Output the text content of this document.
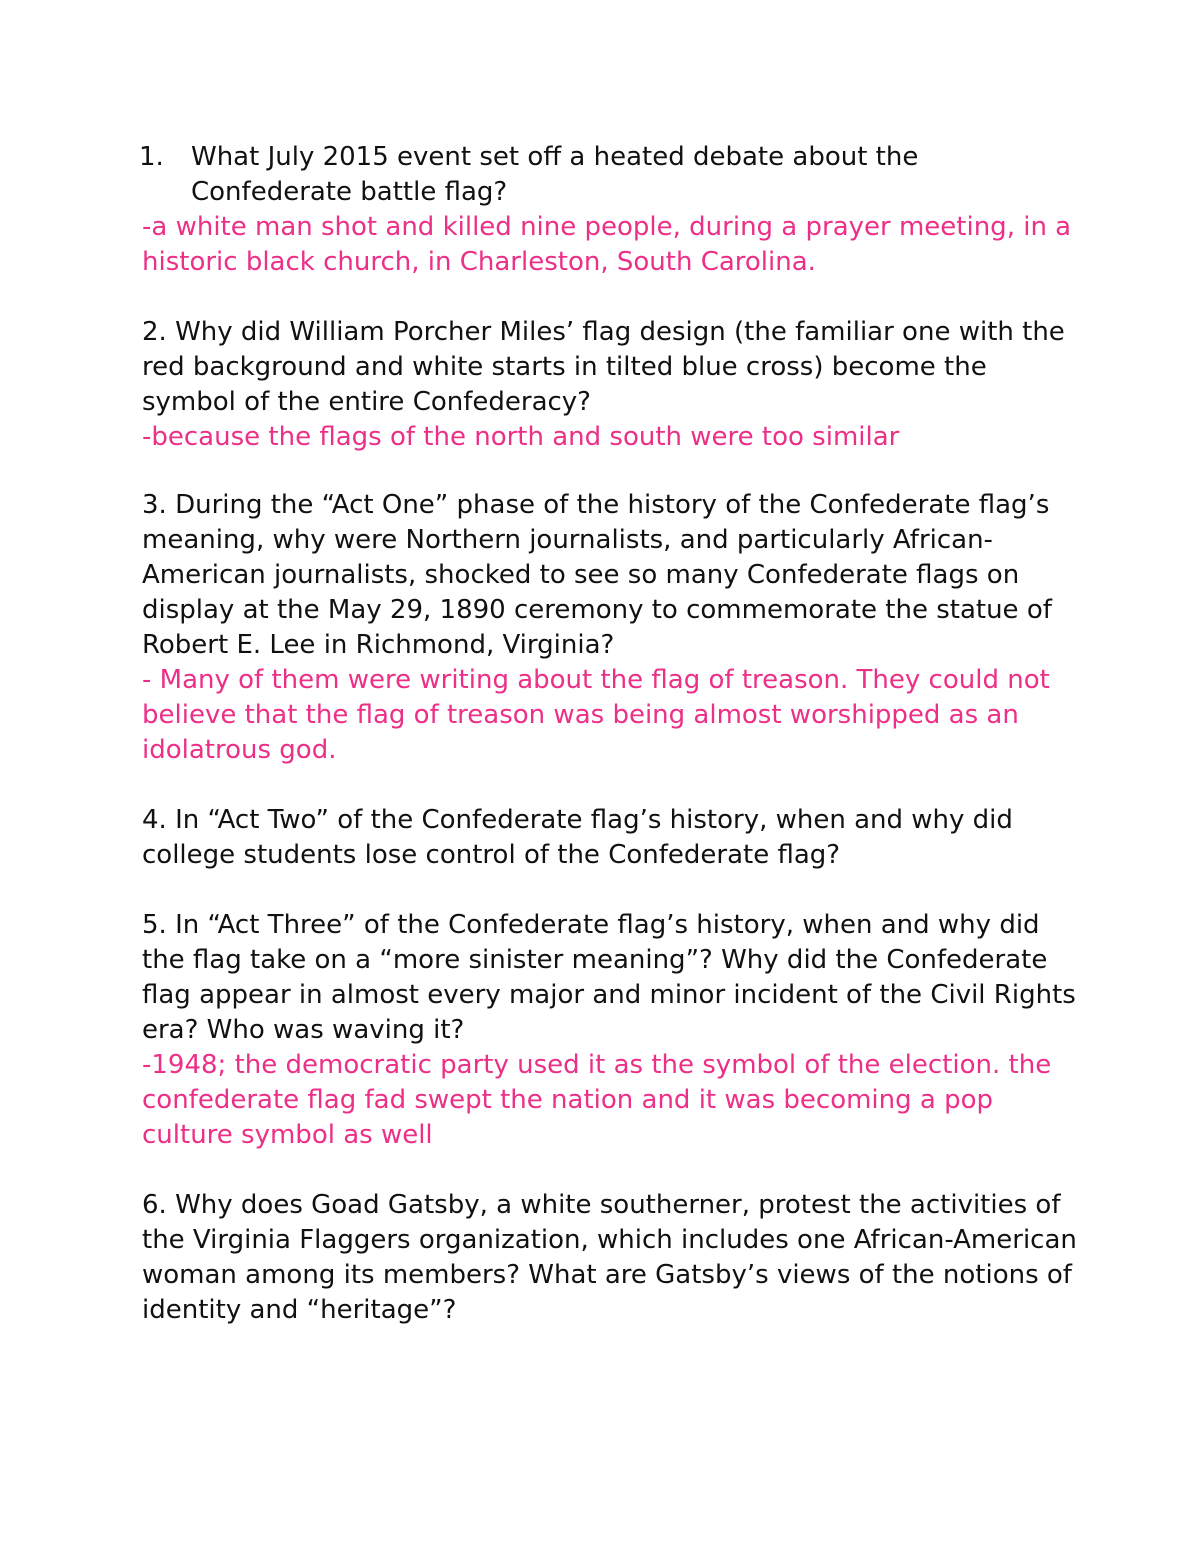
1. What July 2015 event set off a heated debate about the Confederate battle flag?

-a white man shot and killed nine people, during a prayer meeting, in a historic black church, in Charleston, South Carolina.

2. Why did William Porcher Miles’ flag design (the familiar one with the red background and white starts in tilted blue cross) become the symbol of the entire Confederacy?

-because the flags of the north and south were too similar

3. During the “Act One” phase of the history of the Confederate flag’s meaning, why were Northern journalists, and particularly African-American journalists, shocked to see so many Confederate flags on display at the May 29, 1890 ceremony to commemorate the statue of Robert E. Lee in Richmond, Virginia?

- Many of them were writing about the flag of treason. They could not believe that the flag of treason was being almost worshipped as an idolatrous god.

4. In “Act Two” of the Confederate flag’s history, when and why did college students lose control of the Confederate flag?

5. In “Act Three” of the Confederate flag’s history, when and why did the flag take on a “more sinister meaning”? Why did the Confederate flag appear in almost every major and minor incident of the Civil Rights era? Who was waving it?

-1948; the democratic party used it as the symbol of the election. the confederate flag fad swept the nation and it was becoming a pop culture symbol as well

6. Why does Goad Gatsby, a white southerner, protest the activities of the Virginia Flaggers organization, which includes one African-American woman among its members? What are Gatsby’s views of the notions of identity and “heritage”?
